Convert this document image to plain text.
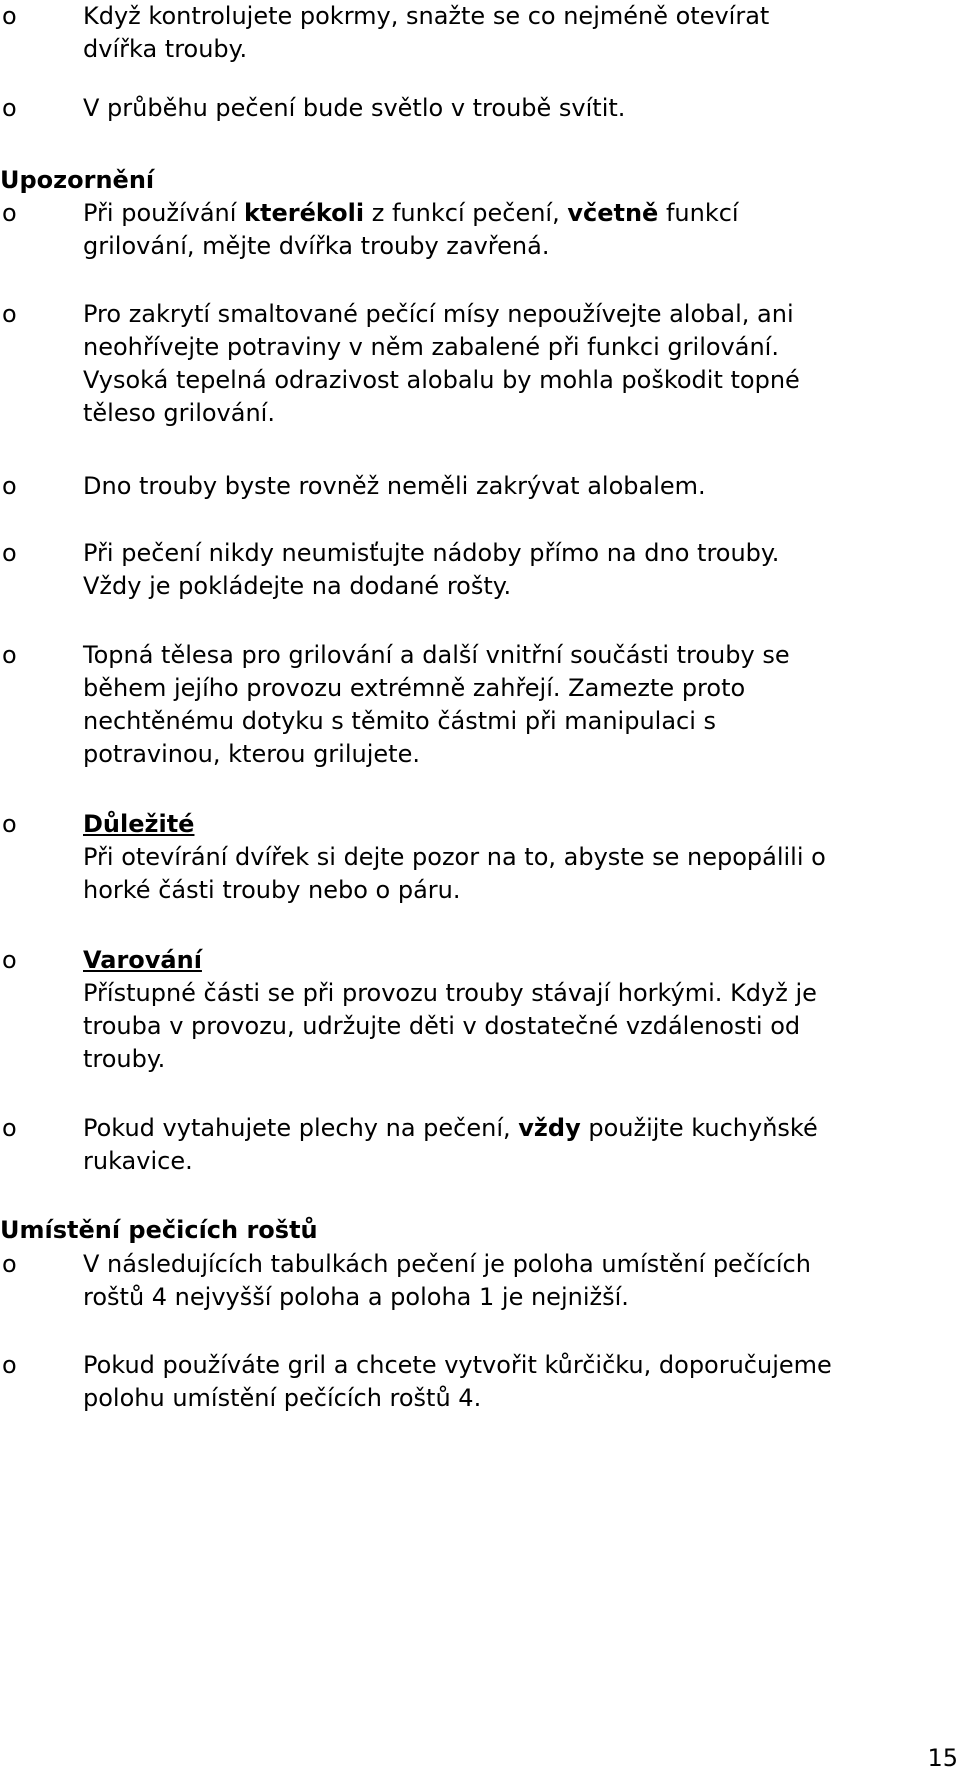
o	Když kontrolujete pokrmy, snažte se co nejméně otevírat
dvířka trouby.
o	V průběhu pečení bude světlo v troubě svítit.
Upozornění
o	Při používání kterékoli z funkcí pečení, včetně funkcí
grilování, mějte dvířka trouby zavřená.
o	Pro zakrytí smaltované pečící mísy nepoužívejte alobal, ani
neohřívejte potraviny v něm zabalené při funkci grilování.
Vysoká tepelná odrazivost alobalu by mohla poškodit topné
těleso grilování.
o	Dno trouby byste rovněž neměli zakrývat alobalem.
o	Při pečení nikdy neumisťujte nádoby přímo na dno trouby.
Vždy je pokládejte na dodané rošty.
o	Topná tělesa pro grilování a další vnitřní součásti trouby se
během jejího provozu extrémně zahřejí. Zamezte proto
nechtěnému dotyku s těmito částmi při manipulaci s
potravinou, kterou grilujete.
o	Důležité
Při otevírání dvířek si dejte pozor na to, abyste se nepopálili o
horké části trouby nebo o páru.
o	Varování
Přístupné části se při provozu trouby stávají horkými. Když je
trouba v provozu, udržujte děti v dostatečné vzdálenosti od
trouby.
o	Pokud vytahujete plechy na pečení, vždy použijte kuchyňské
rukavice.
Umístění pečicích roštů
o	V následujících tabulkách pečení je poloha umístění pečících
roštů 4 nejvyšší poloha a poloha 1 je nejnižší.
o	Pokud používáte gril a chcete vytvořit kůrčičku, doporučujeme
polohu umístění pečících roštů 4.
15
